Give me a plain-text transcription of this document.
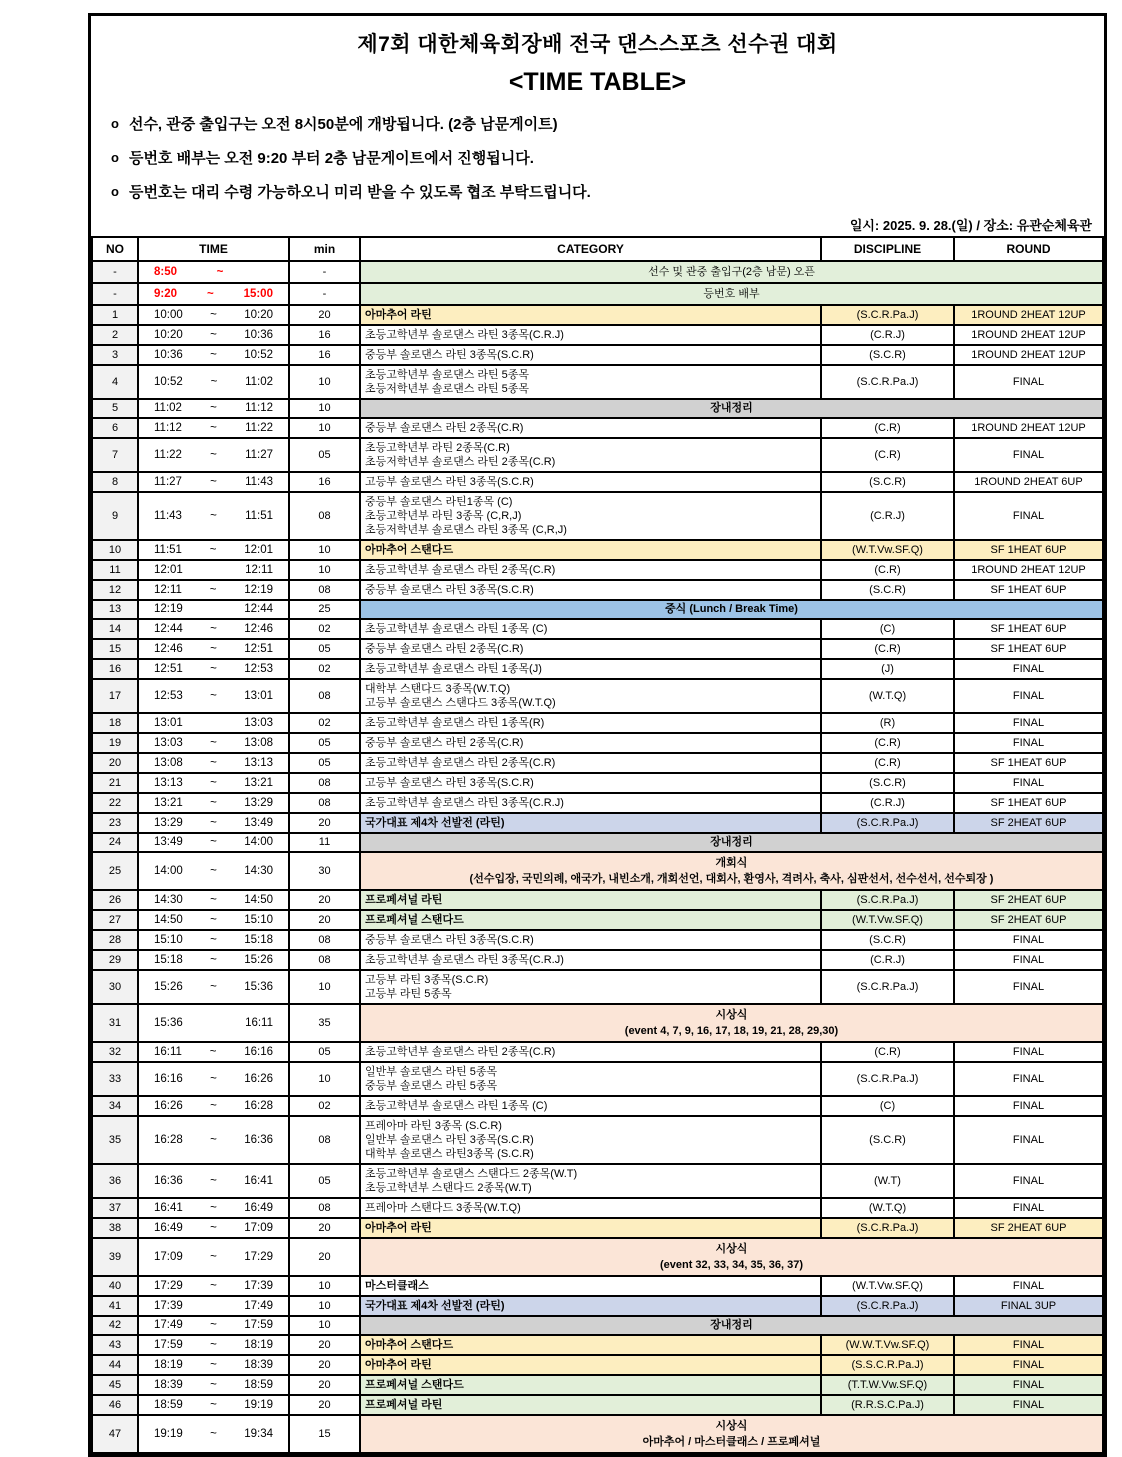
제7회 대한체육회장배 전국 댄스스포츠 선수권 대회
<TIME TABLE>
o 선수, 관중 출입구는 오전 8시50분에 개방됩니다. (2층 남문게이트)
o 등번호 배부는 오전 9:20 부터 2층 남문게이트에서 진행됩니다.
o 등번호는 대리 수령 가능하오니 미리 받을 수 있도록 협조 부탁드립니다.
일시: 2025. 9. 28.(일) / 장소: 유관순체육관
NO	TIME	min	CATEGORY	DISCIPLINE	ROUND
-	8:50 ~	-	선수 및 관중 출입구(2층 남문) 오픈		

-	9:20 ~ 15:00	-	등번호 배부		

1	10:00 ~ 10:20	20	아마추어 라틴	(S.C.R.Pa.J)	1ROUND 2HEAT 12UP
2	10:20 ~ 10:36	16	초등고학년부 솔로댄스 라틴 3종목(C.R.J)	(C.R.J)	1ROUND 2HEAT 12UP
3	10:36 ~ 10:52	16	중등부 솔로댄스 라틴 3종목(S.C.R)	(S.C.R)	1ROUND 2HEAT 12UP
4	10:52 ~ 11:02	10	
초등고학년부 솔로댄스 라틴 5종목
초등저학년부 솔로댄스 라틴 5종목
	(S.C.R.Pa.J)	FINAL
5	11:02 ~ 11:12	10	장내정리		

6	11:12 ~ 11:22	10	중등부 솔로댄스 라틴 2종목(C.R)	(C.R)	1ROUND 2HEAT 12UP
7	11:22 ~ 11:27	05	
초등고학년부 라틴 2종목(C.R)
초등저학년부 솔로댄스 라틴 2종목(C.R)
	(C.R)	FINAL
8	11:27 ~ 11:43	16	고등부 솔로댄스 라틴 3종목(S.C.R)	(S.C.R)	1ROUND 2HEAT 6UP
9	11:43 ~ 11:51	08	
중등부 솔로댄스 라틴1종목 (C)
초등고학년부 라틴 3종목 (C,R,J)
초등저학년부 솔로댄스 라틴 3종목 (C,R,J)
	(C.R.J)	FINAL
10	11:51 ~ 12:01	10	아마추어 스탠다드	(W.T.Vw.SF.Q)	SF 1HEAT 6UP
11	12:01 12:11	10	초등고학년부 솔로댄스 라틴 2종목(C.R)	(C.R)	1ROUND 2HEAT 12UP
12	12:11 ~ 12:19	08	중등부 솔로댄스 라틴 3종목(S.C.R)	(S.C.R)	SF 1HEAT 6UP
13	12:19 12:44	25	중식 (Lunch / Break Time)		

14	12:44 ~ 12:46	02	초등고학년부 솔로댄스 라틴 1종목 (C)	(C)	SF 1HEAT 6UP
15	12:46 ~ 12:51	05	중등부 솔로댄스 라틴 2종목(C.R)	(C.R)	SF 1HEAT 6UP
16	12:51 ~ 12:53	02	초등고학년부 솔로댄스 라틴 1종목(J)	(J)	FINAL
17	12:53 ~ 13:01	08	
대학부 스탠다드 3종목(W.T.Q)
고등부 솔로댄스 스탠다드 3종목(W.T.Q)
	(W.T.Q)	FINAL
18	13:01 13:03	02	초등고학년부 솔로댄스 라틴 1종목(R)	(R)	FINAL
19	13:03 ~ 13:08	05	중등부 솔로댄스 라틴 2종목(C.R)	(C.R)	FINAL
20	13:08 ~ 13:13	05	초등고학년부 솔로댄스 라틴 2종목(C.R)	(C.R)	SF 1HEAT 6UP
21	13:13 ~ 13:21	08	고등부 솔로댄스 라틴 3종목(S.C.R)	(S.C.R)	FINAL
22	13:21 ~ 13:29	08	초등고학년부 솔로댄스 라틴 3종목(C.R.J)	(C.R.J)	SF 1HEAT 6UP
23	13:29 ~ 13:49	20	국가대표 제4차 선발전 (라틴)	(S.C.R.Pa.J)	SF 2HEAT 6UP
24	13:49 ~ 14:00	11	장내정리		

25	14:00 ~ 14:30	30	
개회식
(선수입장, 국민의례, 애국가, 내빈소개, 개회선언, 대회사, 환영사, 격려사, 축사, 심판선서, 선수선서, 선수퇴장 )

26	14:30 ~ 14:50	20	프로페셔널 라틴	(S.C.R.Pa.J)	SF 2HEAT 6UP
27	14:50 ~ 15:10	20	프로페셔널 스탠다드	(W.T.Vw.SF.Q)	SF 2HEAT 6UP
28	15:10 ~ 15:18	08	중등부 솔로댄스 라틴 3종목(S.C.R)	(S.C.R)	FINAL
29	15:18 ~ 15:26	08	초등고학년부 솔로댄스 라틴 3종목(C.R.J)	(C.R.J)	FINAL
30	15:26 ~ 15:36	10	
고등부 라틴 3종목(S.C.R)
고등부 라틴 5종목
	(S.C.R.Pa.J)	FINAL
31	15:36	16:11	35	
시상식
(event 4, 7, 9, 16, 17, 18, 19, 21, 28, 29,30)

32	16:11 ~ 16:16	05	초등고학년부 솔로댄스 라틴 2종목(C.R)	(C.R)	FINAL
33	16:16 ~ 16:26	10	
일반부 솔로댄스 라틴 5종목
중등부 솔로댄스 라틴 5종목
	(S.C.R.Pa.J)	FINAL
34	16:26 ~ 16:28	02	초등고학년부 솔로댄스 라틴 1종목 (C)	(C)	FINAL
35	16:28 ~ 16:36	08	
프레아마 라틴 3종목 (S.C.R)
일반부 솔로댄스 라틴 3종목(S.C.R)
대학부 솔로댄스 라틴3종목 (S.C.R)
	(S.C.R)	FINAL
36	16:36 ~ 16:41	05	
초등고학년부 솔로댄스 스탠다드 2종목(W.T)
초등고학년부 스탠다드 2종목(W.T)
	(W.T)	FINAL
37	16:41 ~ 16:49	08	프레아마 스탠다드 3종목(W.T.Q)	(W.T.Q)	FINAL
38	16:49 ~ 17:09	20	아마추어 라틴	(S.C.R.Pa.J)	SF 2HEAT 6UP
39	17:09 ~ 17:29	20	
시상식
(event 32, 33, 34, 35, 36, 37)

40	17:29 ~ 17:39	10	마스터클래스	(W.T.Vw.SF.Q)	FINAL
41	17:39 17:49	10	국가대표 제4차 선발전 (라틴)	(S.C.R.Pa.J)	FINAL 3UP
42	17:49 ~ 17:59	10	장내정리		

43	17:59 ~ 18:19	20	아마추어 스탠다드	(W.W.T.Vw.SF.Q)	FINAL
44	18:19 ~ 18:39	20	아마추어 라틴	(S.S.C.R.Pa.J)	FINAL
45	18:39 ~ 18:59	20	프로페셔널 스탠다드	(T.T.W.Vw.SF.Q)	FINAL
46	18:59 ~ 19:19	20	프로페셔널 라틴	(R.R.S.C.Pa.J)	FINAL
47	19:19 ~ 19:34	15	
시상식
아마추어 / 마스터클래스 / 프로페셔널
